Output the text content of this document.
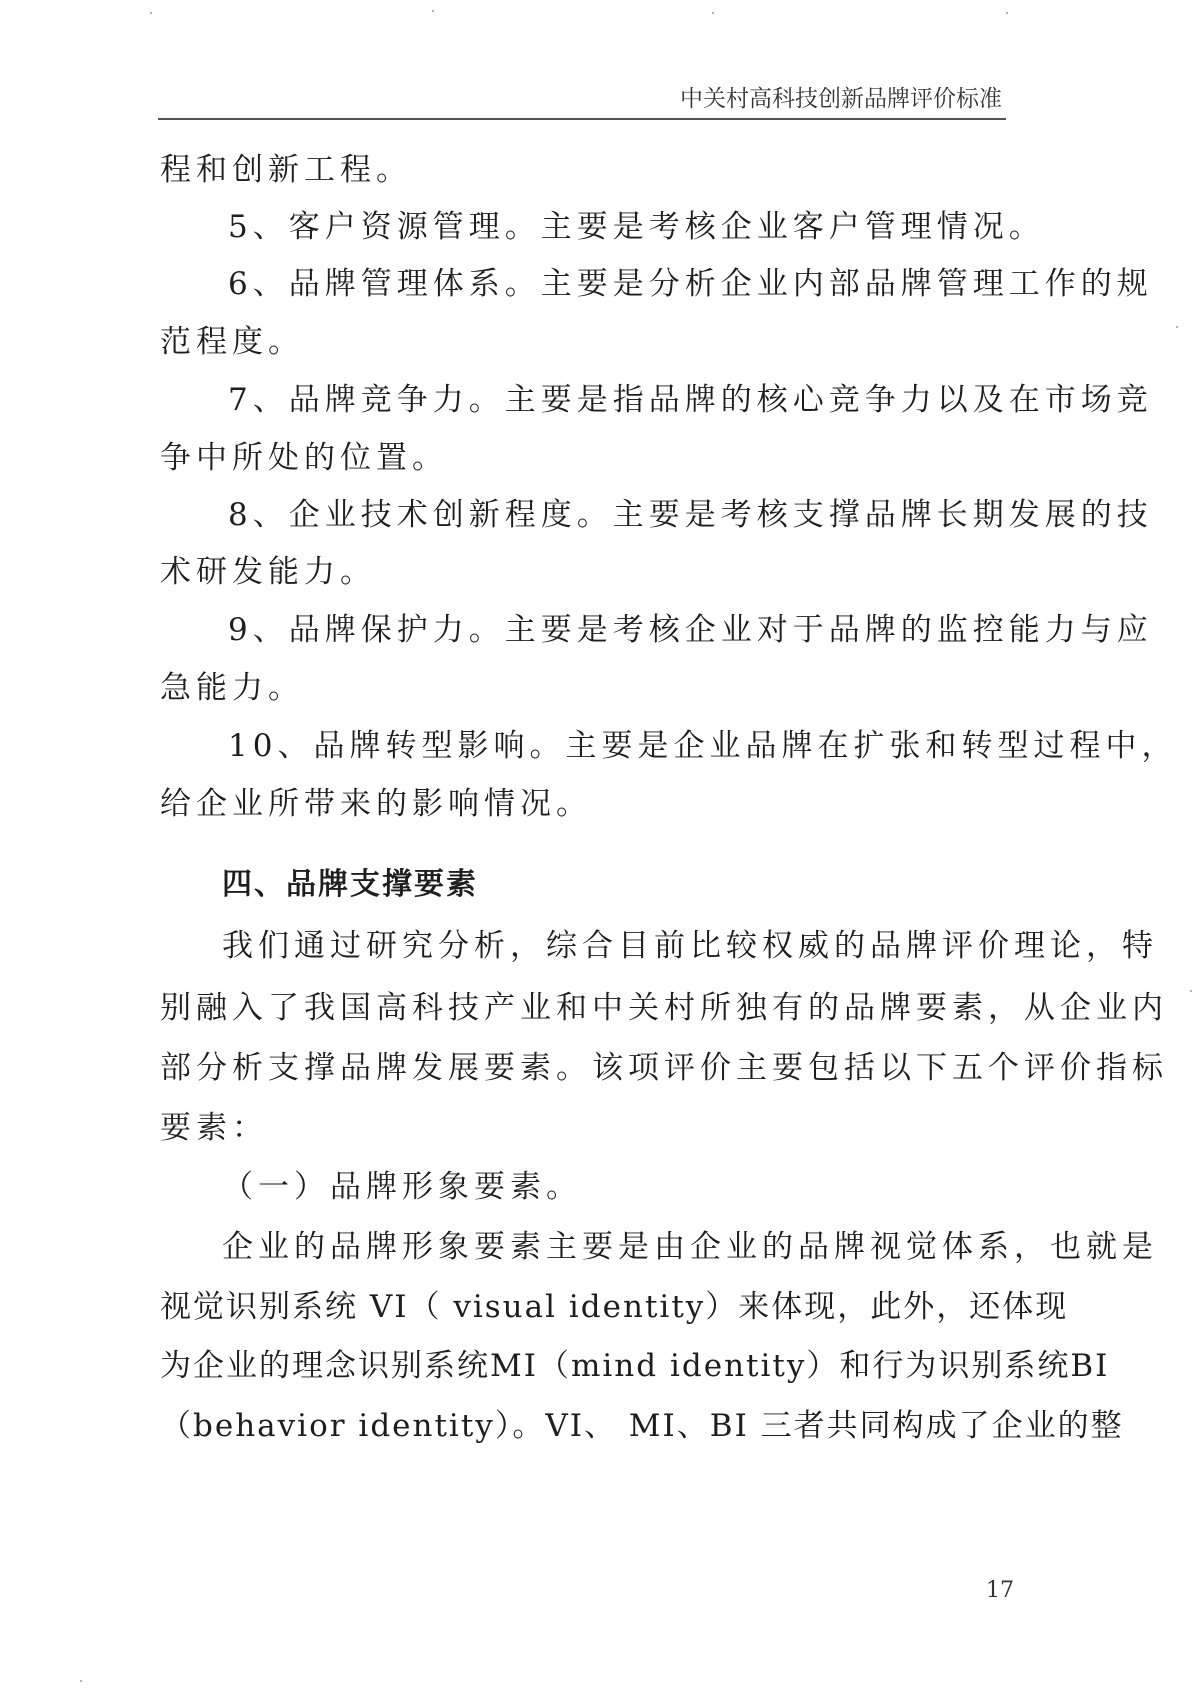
中关村高科技创新品牌评价标准
程和创新工程。
5、客户资源管理。主要是考核企业客户管理情况。
6、品牌管理体系。主要是分析企业内部品牌管理工作的规
范程度。
7、品牌竞争力。主要是指品牌的核心竞争力以及在市场竞
争中所处的位置。
8、企业技术创新程度。主要是考核支撑品牌长期发展的技
术研发能力。
9、品牌保护力。主要是考核企业对于品牌的监控能力与应
急能力。
10、品牌转型影响。主要是企业品牌在扩张和转型过程中，
给企业所带来的影响情况。
四、品牌支撑要素
我们通过研究分析，综合目前比较权威的品牌评价理论，特
别融入了我国高科技产业和中关村所独有的品牌要素，从企业内
部分析支撑品牌发展要素。该项评价主要包括以下五个评价指标
要素：
（一）品牌形象要素。
企业的品牌形象要素主要是由企业的品牌视觉体系，也就是
视觉识别系统 VI（ visual identity）来体现，此外，还体现
为企业的理念识别系统MI（mind identity）和行为识别系统BI
（behavior identity）。VI、 MI、BI 三者共同构成了企业的整
17
